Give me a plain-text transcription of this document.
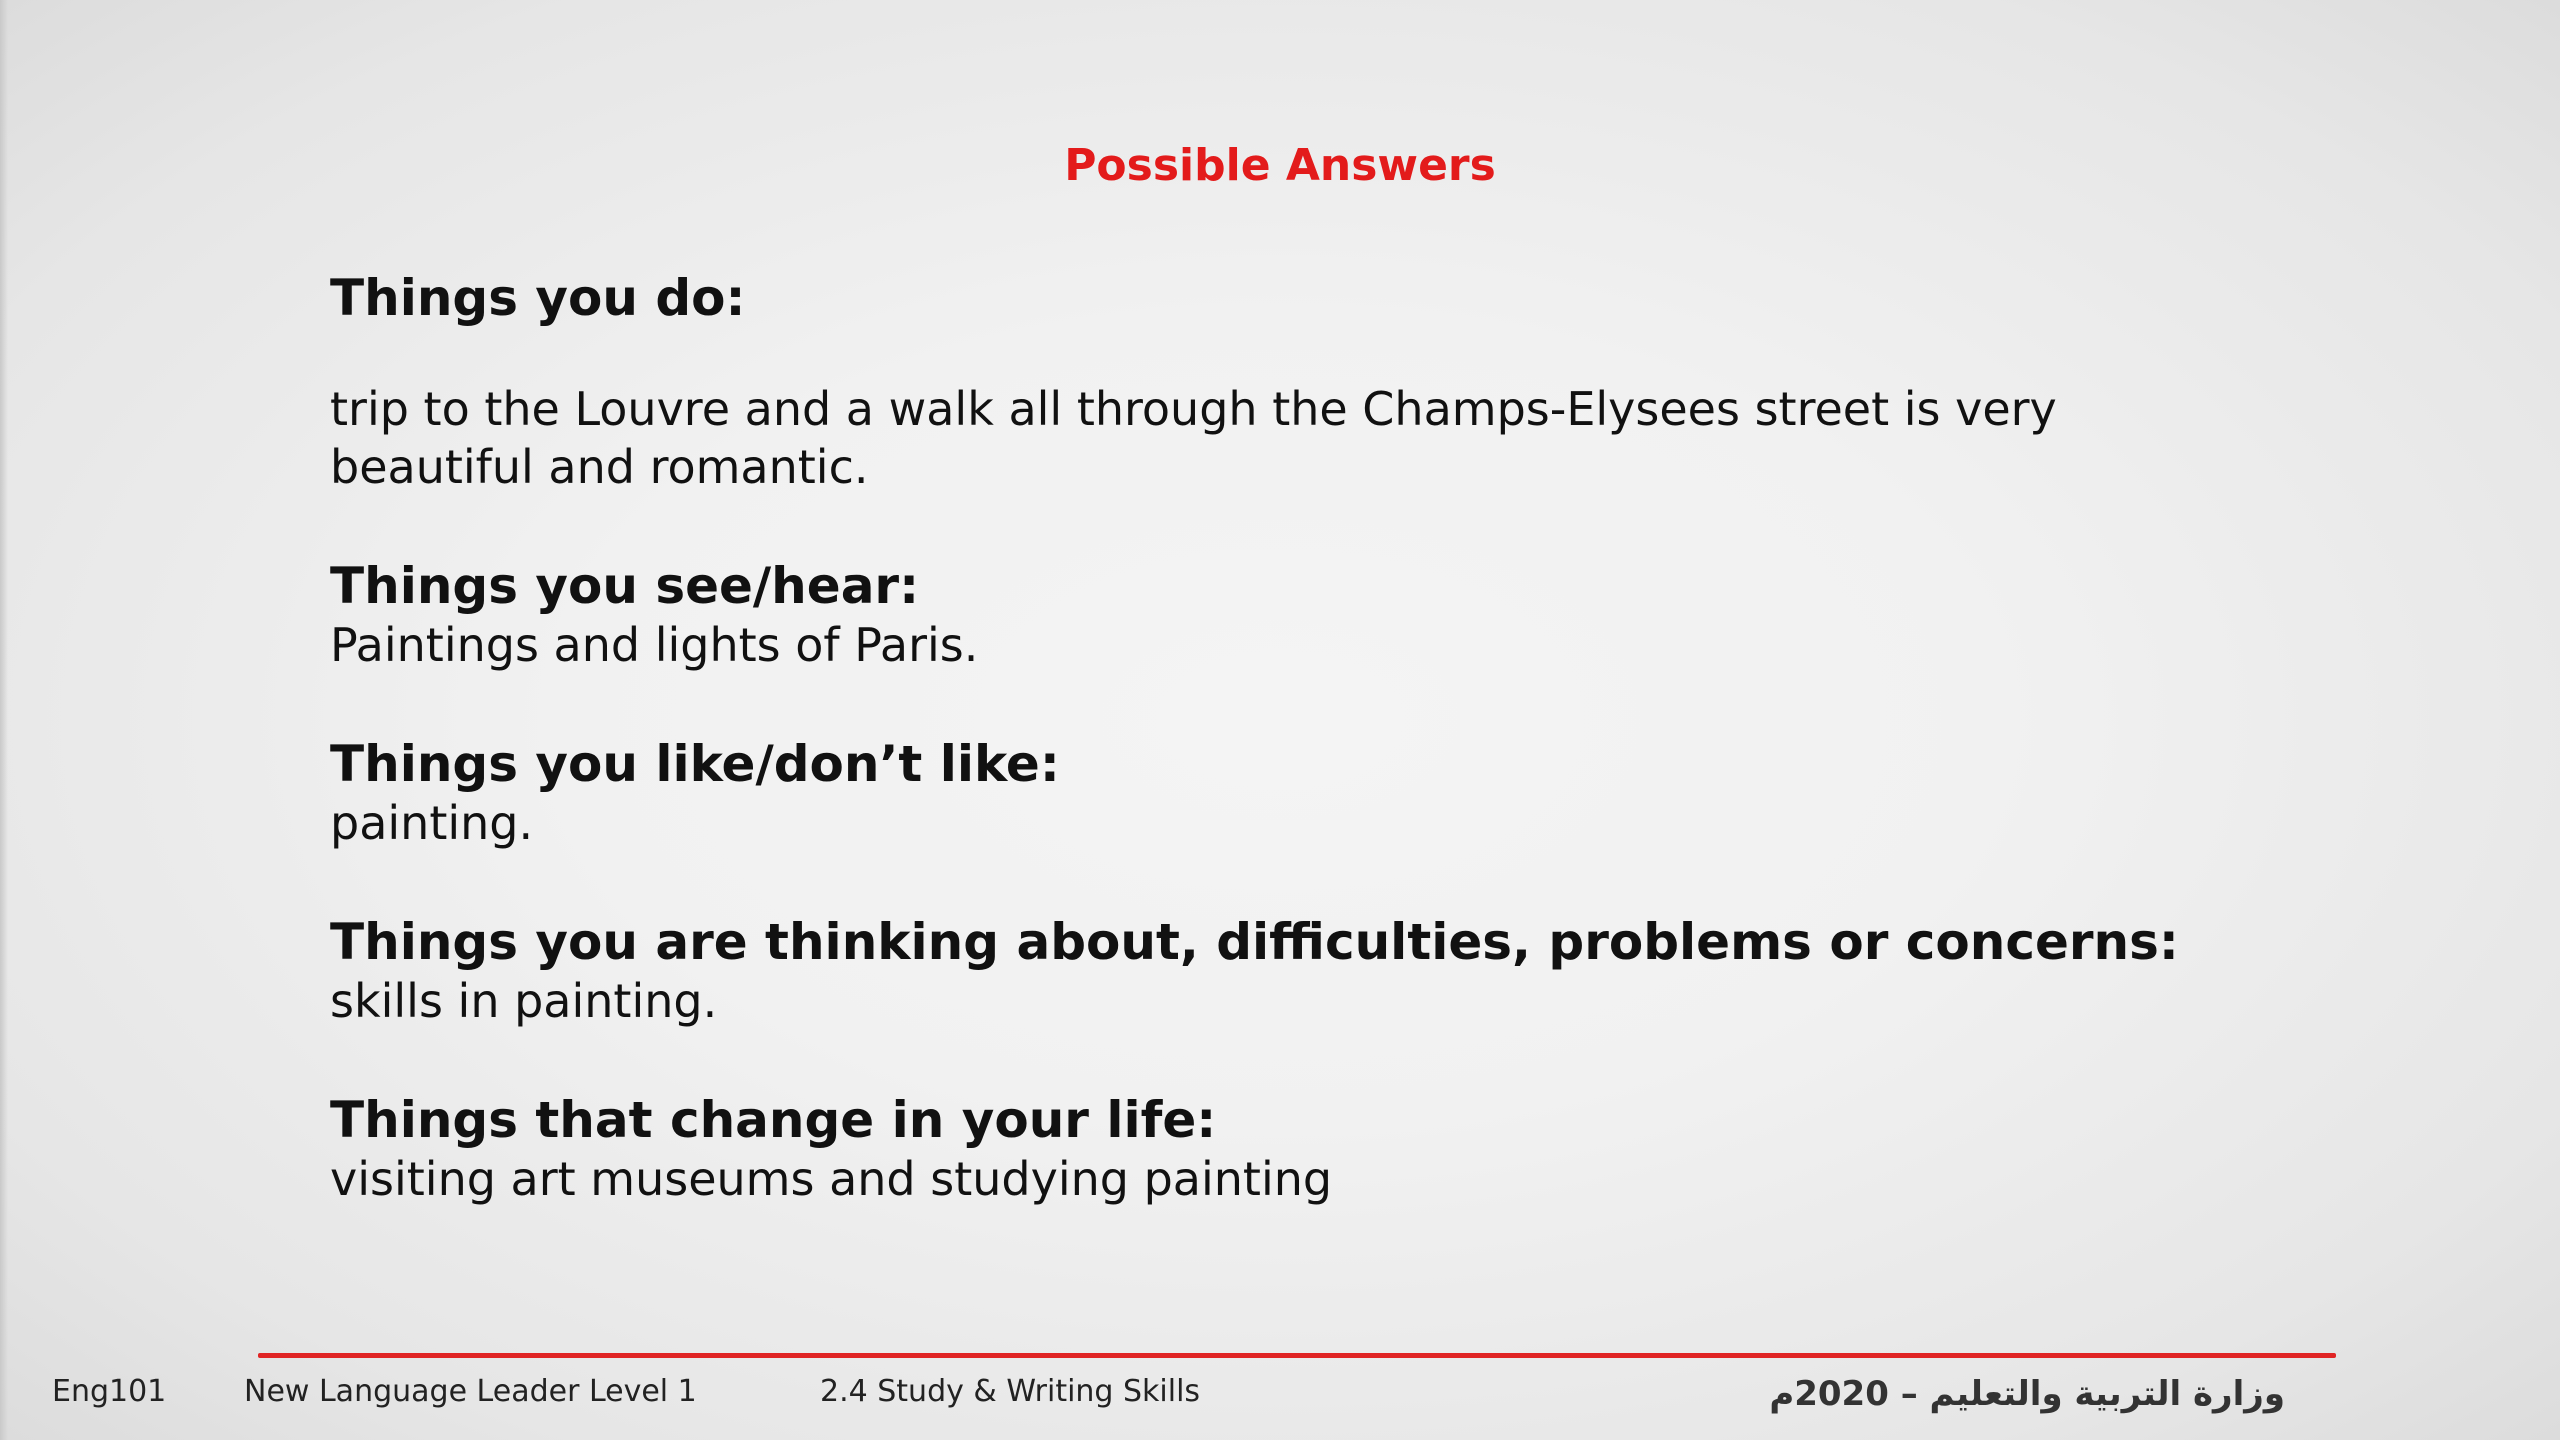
Possible Answers
Things you do:
trip to the Louvre and a walk all through the Champs-Elysees street is very
beautiful and romantic.
Things you see/hear:
Paintings and lights of Paris.
Things you like/don’t like:
painting.
Things you are thinking about, difficulties, problems or concerns:
skills in painting.
Things that change in your life:
visiting art museums and studying painting
Eng101	New Language Leader Level 1	2.4 Study & Writing Skills	وزارة التربية والتعليم – 2020م
